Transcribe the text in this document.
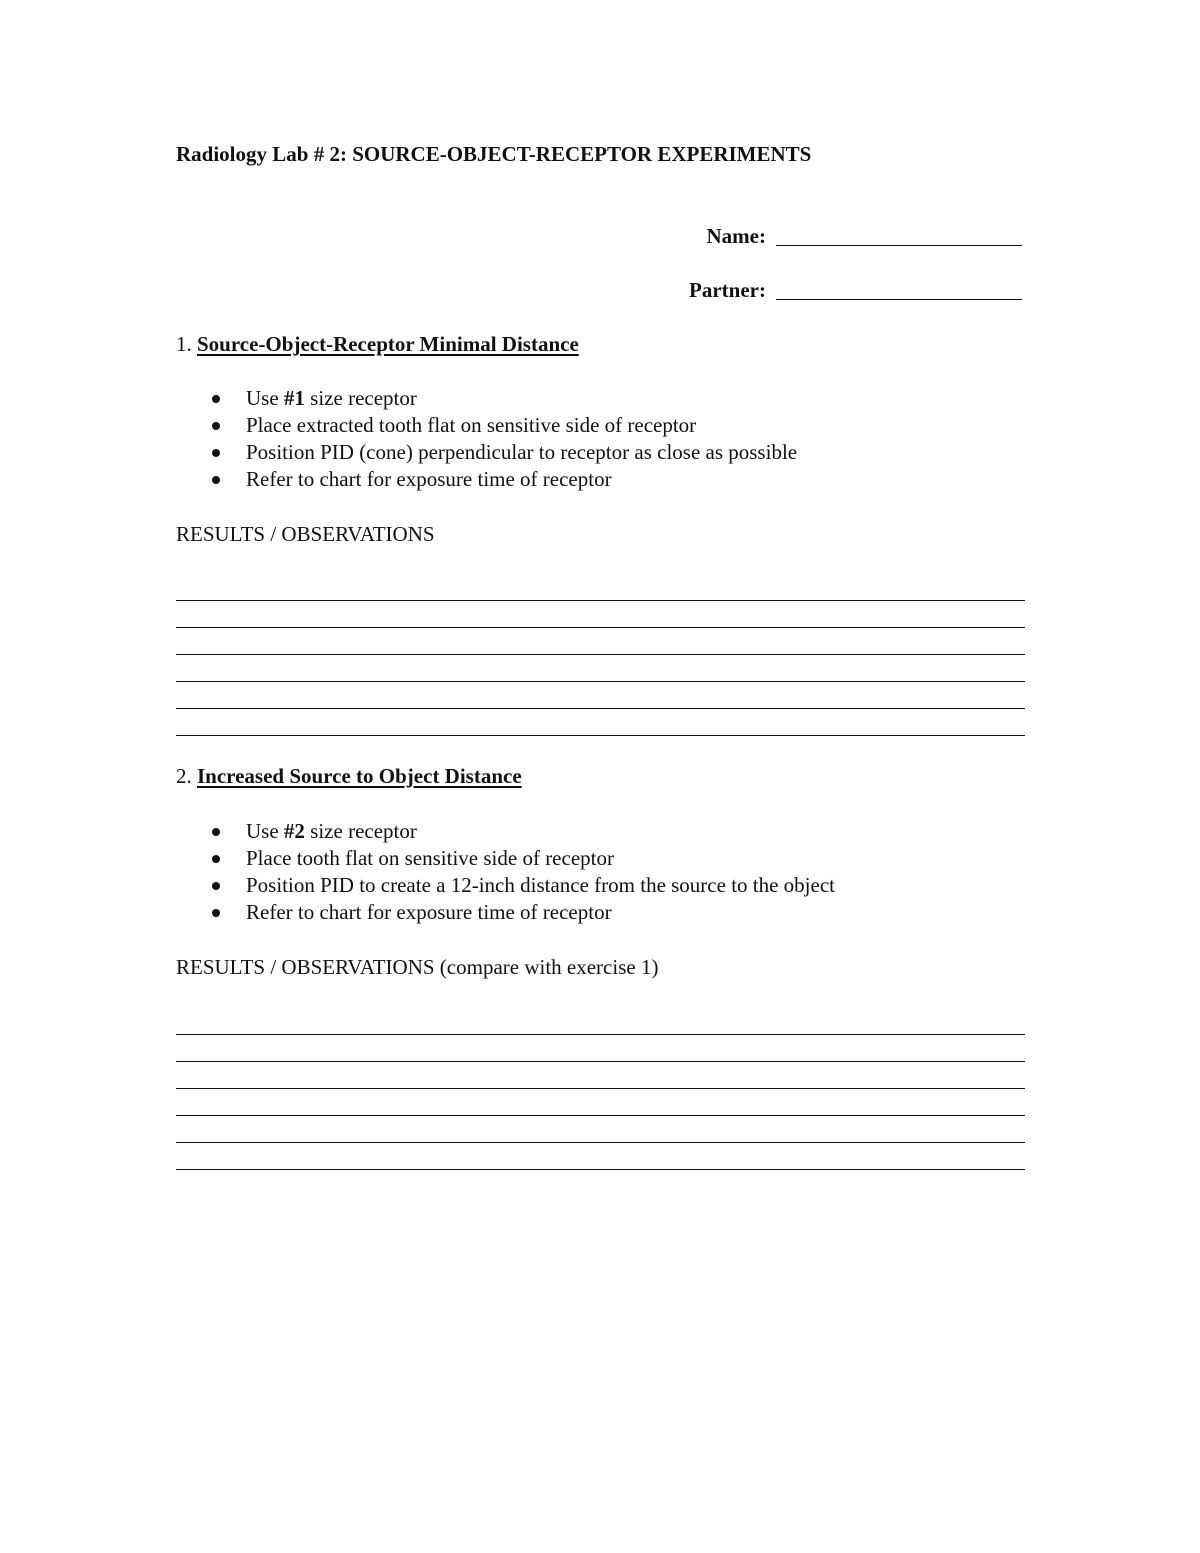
Radiology Lab # 2: SOURCE-OBJECT-RECEPTOR EXPERIMENTS
Name:
Partner:
1. Source-Object-Receptor Minimal Distance
Use #1 size receptor
Place extracted tooth flat on sensitive side of receptor
Position PID (cone) perpendicular to receptor as close as possible
Refer to chart for exposure time of receptor
RESULTS / OBSERVATIONS
2. Increased Source to Object Distance
Use #2 size receptor
Place tooth flat on sensitive side of receptor
Position PID to create a 12-inch distance from the source to the object
Refer to chart for exposure time of receptor
RESULTS / OBSERVATIONS (compare with exercise 1)
